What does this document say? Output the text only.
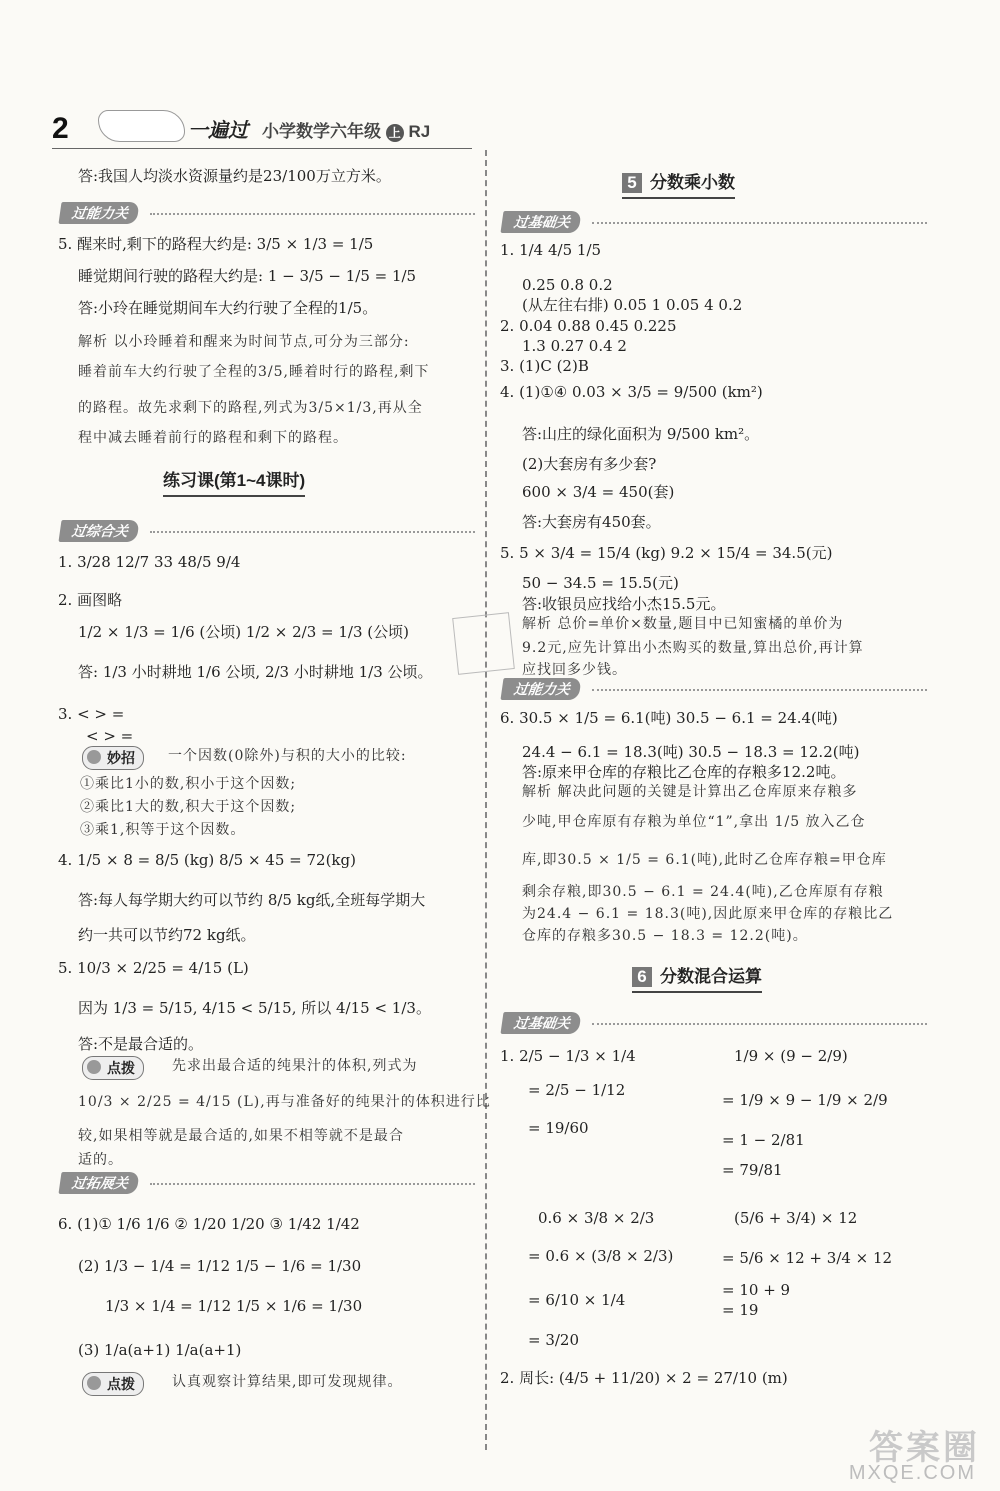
2	一遍过 小学数学六年级 上 RJ
答:我国人均淡水资源量约是23/100万立方米。
过能力关
5. 醒来时,剩下的路程大约是: 3/5 × 1/3 = 1/5
睡觉期间行驶的路程大约是: 1 − 3/5 − 1/5 = 1/5
答:小玲在睡觉期间车大约行驶了全程的1/5。
解析 以小玲睡着和醒来为时间节点,可分为三部分:
睡着前车大约行驶了全程的3/5,睡着时行的路程,剩下
的路程。故先求剩下的路程,列式为3/5×1/3,再从全
程中减去睡着前行的路程和剩下的路程。
练习课(第1~4课时)
过综合关
1. 3/28 12/7 33 48/5 9/4
2. 画图略
1/2 × 1/3 = 1/6 (公顷) 1/2 × 2/3 = 1/3 (公顷)
答: 1/3 小时耕地 1/6 公顷, 2/3 小时耕地 1/3 公顷。
3. < > =
< > =
妙招	一个因数(0除外)与积的大小的比较:
①乘比1小的数,积小于这个因数;
②乘比1大的数,积大于这个因数;
③乘1,积等于这个因数。
4. 1/5 × 8 = 8/5 (kg) 8/5 × 45 = 72(kg)
答:每人每学期大约可以节约 8/5 kg纸,全班每学期大
约一共可以节约72 kg纸。
5. 10/3 × 2/25 = 4/15 (L)
因为 1/3 = 5/15, 4/15 < 5/15, 所以 4/15 < 1/3。
答:不是最合适的。
点拨	先求出最合适的纯果汁的体积,列式为
10/3 × 2/25 = 4/15 (L),再与准备好的纯果汁的体积进行比
较,如果相等就是最合适的,如果不相等就不是最合
适的。
过拓展关
6. (1)① 1/6 1/6 ② 1/20 1/20 ③ 1/42 1/42
(2) 1/3 − 1/4 = 1/12 1/5 − 1/6 = 1/30
1/3 × 1/4 = 1/12 1/5 × 1/6 = 1/30
(3) 1/a(a+1) 1/a(a+1)
点拨	认真观察计算结果,即可发现规律。
5 分数乘小数
过基础关
1. 1/4 4/5 1/5
0.25 0.8 0.2
(从左往右排) 0.05 1 0.05 4 0.2
2. 0.04 0.88 0.45 0.225
1.3 0.27 0.4 2
3. (1)C (2)B
4. (1)①④ 0.03 × 3/5 = 9/500 (km²)
答:山庄的绿化面积为 9/500 km²。
(2)大套房有多少套?
600 × 3/4 = 450(套)
答:大套房有450套。
5. 5 × 3/4 = 15/4 (kg) 9.2 × 15/4 = 34.5(元)
50 − 34.5 = 15.5(元)
答:收银员应找给小杰15.5元。
解析 总价=单价×数量,题目中已知蜜橘的单价为
9.2元,应先计算出小杰购买的数量,算出总价,再计算
应找回多少钱。
过能力关
6. 30.5 × 1/5 = 6.1(吨) 30.5 − 6.1 = 24.4(吨)
24.4 − 6.1 = 18.3(吨) 30.5 − 18.3 = 12.2(吨)
答:原来甲仓库的存粮比乙仓库的存粮多12.2吨。
解析 解决此问题的关键是计算出乙仓库原来存粮多
少吨,甲仓库原有存粮为单位“1”,拿出 1/5 放入乙仓
库,即30.5 × 1/5 = 6.1(吨),此时乙仓库存粮=甲仓库
剩余存粮,即30.5 − 6.1 = 24.4(吨),乙仓库原有存粮
为24.4 − 6.1 = 18.3(吨),因此原来甲仓库的存粮比乙
仓库的存粮多30.5 − 18.3 = 12.2(吨)。
6 分数混合运算
过基础关
1. 2/5 − 1/3 × 1/4
= 2/5 − 1/12
= 19/60
1/9 × (9 − 2/9)
= 1/9 × 9 − 1/9 × 2/9
= 1 − 2/81
= 79/81
0.6 × 3/8 × 2/3
= 0.6 × (3/8 × 2/3)
= 6/10 × 1/4
= 3/20
(5/6 + 3/4) × 12
= 5/6 × 12 + 3/4 × 12
= 10 + 9
= 19
2. 周长: (4/5 + 11/20) × 2 = 27/10 (m)
答案圈
MXQE.COM
